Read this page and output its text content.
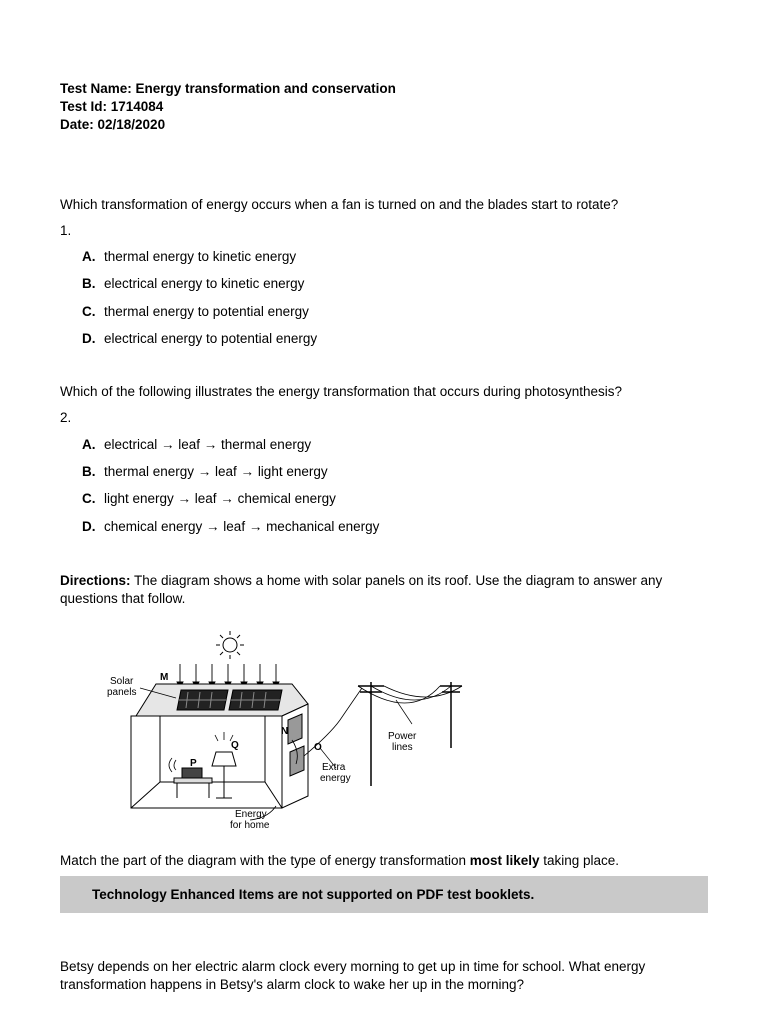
Test Name: Energy transformation and conservation
Test Id: 1714084
Date: 02/18/2020
Which transformation of energy occurs when a fan is turned on and the blades start to rotate?
1.
A. thermal energy to kinetic energy
B. electrical energy to kinetic energy
C. thermal energy to potential energy
D. electrical energy to potential energy
Which of the following illustrates the energy transformation that occurs during photosynthesis?
2.
A. electrical → leaf → thermal energy
B. thermal energy → leaf → light energy
C. light energy → leaf → chemical energy
D. chemical energy → leaf → mechanical energy
Directions: The diagram shows a home with solar panels on its roof. Use the diagram to answer any questions that follow.
Solar
panels
M
N
O
P
Q
Power
lines
Extra
energy
Energy
for home
Match the part of the diagram with the type of energy transformation most likely taking place.
Technology Enhanced Items are not supported on PDF test booklets.
Betsy depends on her electric alarm clock every morning to get up in time for school. What energy transformation happens in Betsy's alarm clock to wake her up in the morning?
